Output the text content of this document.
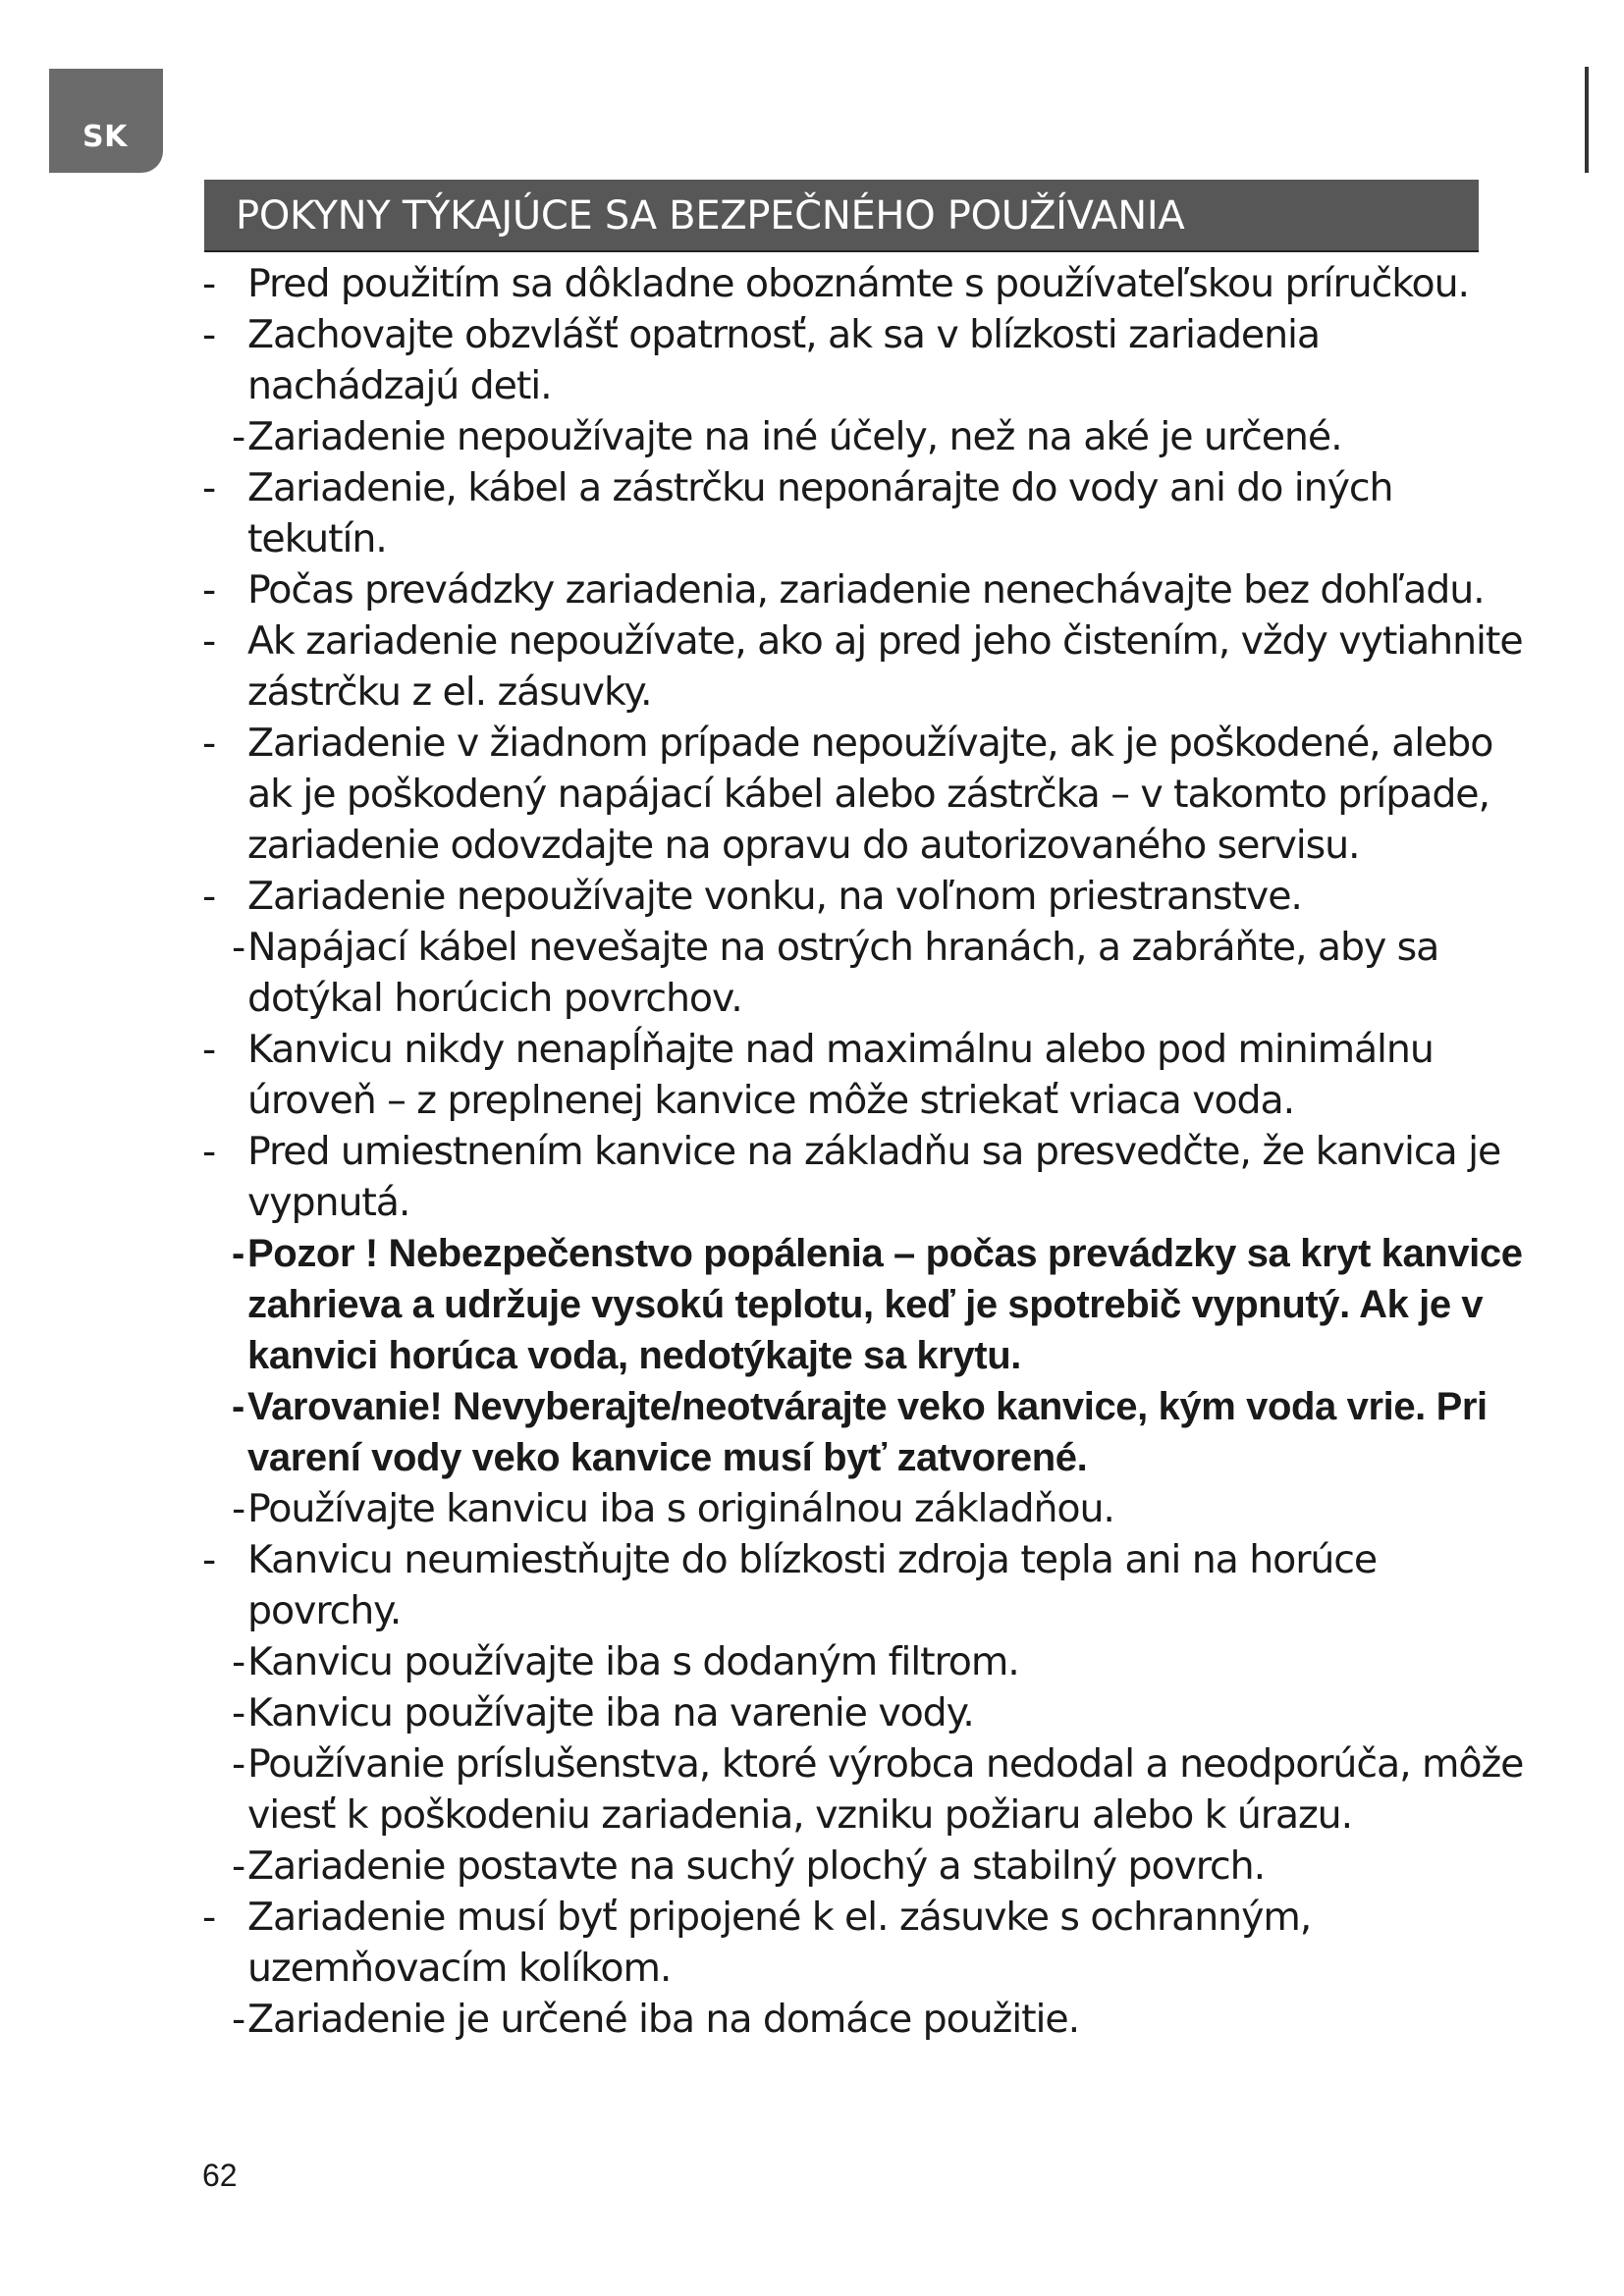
SK
POKYNY TÝKAJÚCE SA BEZPEČNÉHO POUŽÍVANIA
- Pred použitím sa dôkladne oboznámte s používateľskou príručkou.
- Zachovajte obzvlášť opatrnosť, ak sa v blízkosti zariadenia nachádzajú deti.
- Zariadenie nepoužívajte na iné účely, než na aké je určené.
- Zariadenie, kábel a zástrčku neponárajte do vody ani do iných tekutín.
- Počas prevádzky zariadenia, zariadenie nenechávajte bez dohľadu.
- Ak zariadenie nepoužívate, ako aj pred jeho čistením, vždy vytiahnite zástrčku z el. zásuvky.
- Zariadenie v žiadnom prípade nepoužívajte, ak je poškodené, alebo ak je poškodený napájací kábel alebo zástrčka – v takomto prípade, zariadenie odovzdajte na opravu do autorizovaného servisu.
- Zariadenie nepoužívajte vonku, na voľnom priestranstve.
- Napájací kábel nevešajte na ostrých hranách, a zabráňte, aby sa dotýkal horúcich povrchov.
- Kanvicu nikdy nenapĺňajte nad maximálnu alebo pod minimálnu úroveň – z preplnenej kanvice môže striekať vriaca voda.
- Pred umiestnením kanvice na základňu sa presvedčte, že kanvica je vypnutá.
- Pozor ! Nebezpečenstvo popálenia – počas prevádzky sa kryt kanvice zahrieva a udržuje vysokú teplotu, keď je spotrebič vypnutý. Ak je v kanvici horúca voda, nedotýkajte sa krytu.
- Varovanie! Nevyberajte/neotvárajte veko kanvice, kým voda vrie. Pri varení vody veko kanvice musí byť zatvorené.
- Používajte kanvicu iba s originálnou základňou.
- Kanvicu neumiestňujte do blízkosti zdroja tepla ani na horúce povrchy.
- Kanvicu používajte iba s dodaným filtrom.
- Kanvicu používajte iba na varenie vody.
- Používanie príslušenstva, ktoré výrobca nedodal a neodporúča, môže viesť k poškodeniu zariadenia, vzniku požiaru alebo k úrazu.
- Zariadenie postavte na suchý plochý a stabilný povrch.
- Zariadenie musí byť pripojené k el. zásuvke s ochranným, uzemňovacím kolíkom.
- Zariadenie je určené iba na domáce použitie.
62
